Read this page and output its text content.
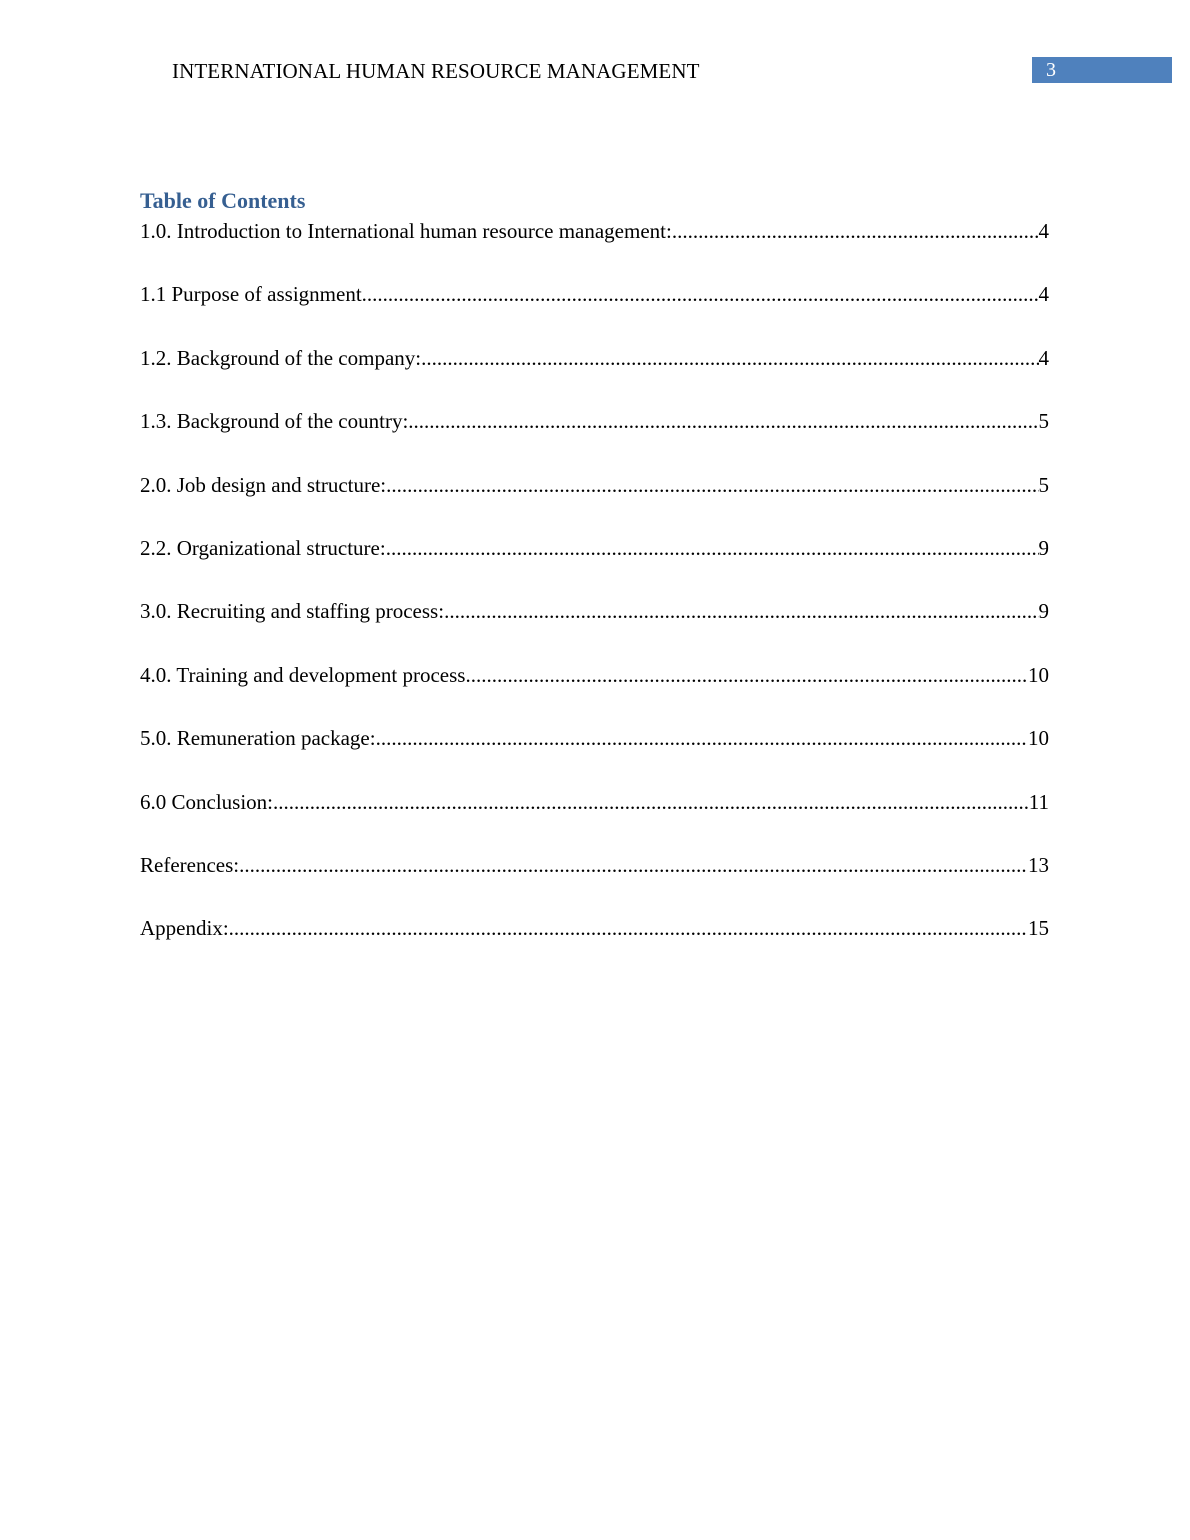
INTERNATIONAL HUMAN RESOURCE MANAGEMENT	3
Table of Contents
1.0. Introduction to International human resource management: .....	4
1.1 Purpose of assignment .....	4
1.2. Background of the company: .....	4
1.3. Background of the country: .....	5
2.0. Job design and structure: .....	5
2.2. Organizational structure: .....	9
3.0. Recruiting and staffing process: .....	9
4.0. Training and development process .....	10
5.0. Remuneration package: .....	10
6.0 Conclusion: .....	11
References: .....	13
Appendix: .....	15
